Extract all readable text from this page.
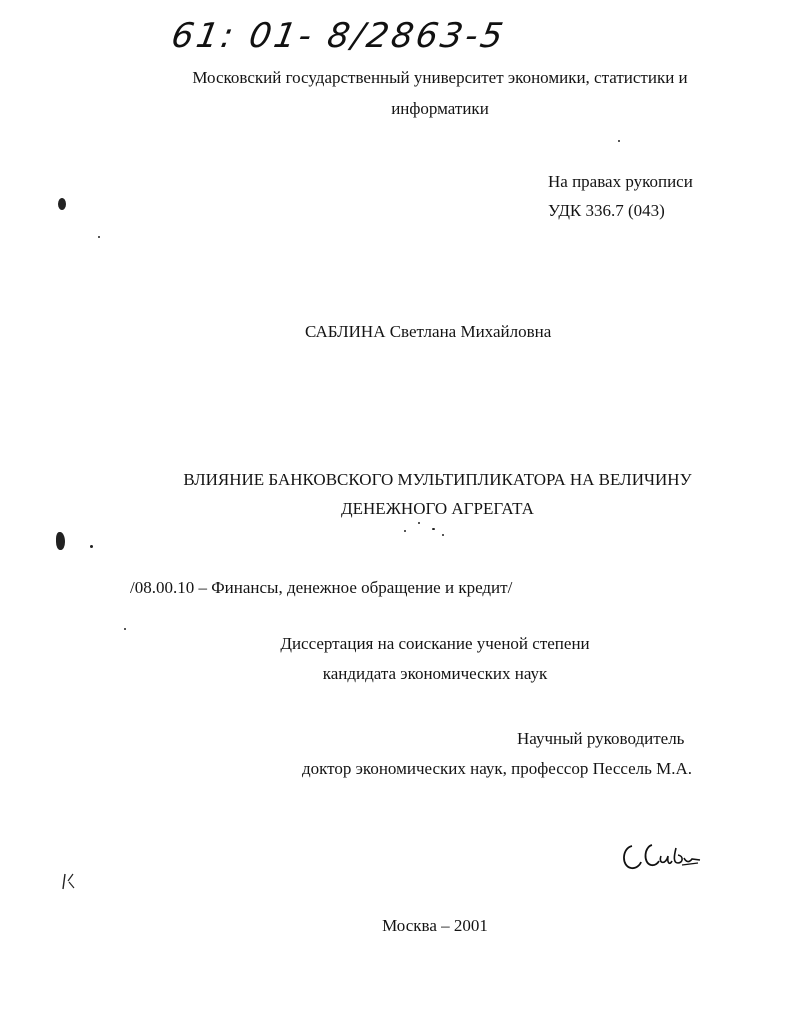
61: 01- 8/2863-5
Московский государственный университет экономики, статистики и
информатики
На правах рукописи
УДК 336.7 (043)
САБЛИНА Светлана Михайловна
ВЛИЯНИЕ БАНКОВСКОГО МУЛЬТИПЛИКАТОРА НА ВЕЛИЧИНУ
ДЕНЕЖНОГО АГРЕГАТА
/08.00.10 – Финансы, денежное обращение и кредит/
Диссертация на соискание ученой степени
кандидата экономических наук
Научный руководитель
доктор экономических наук, профессор Пессель М.А.
Москва – 2001
